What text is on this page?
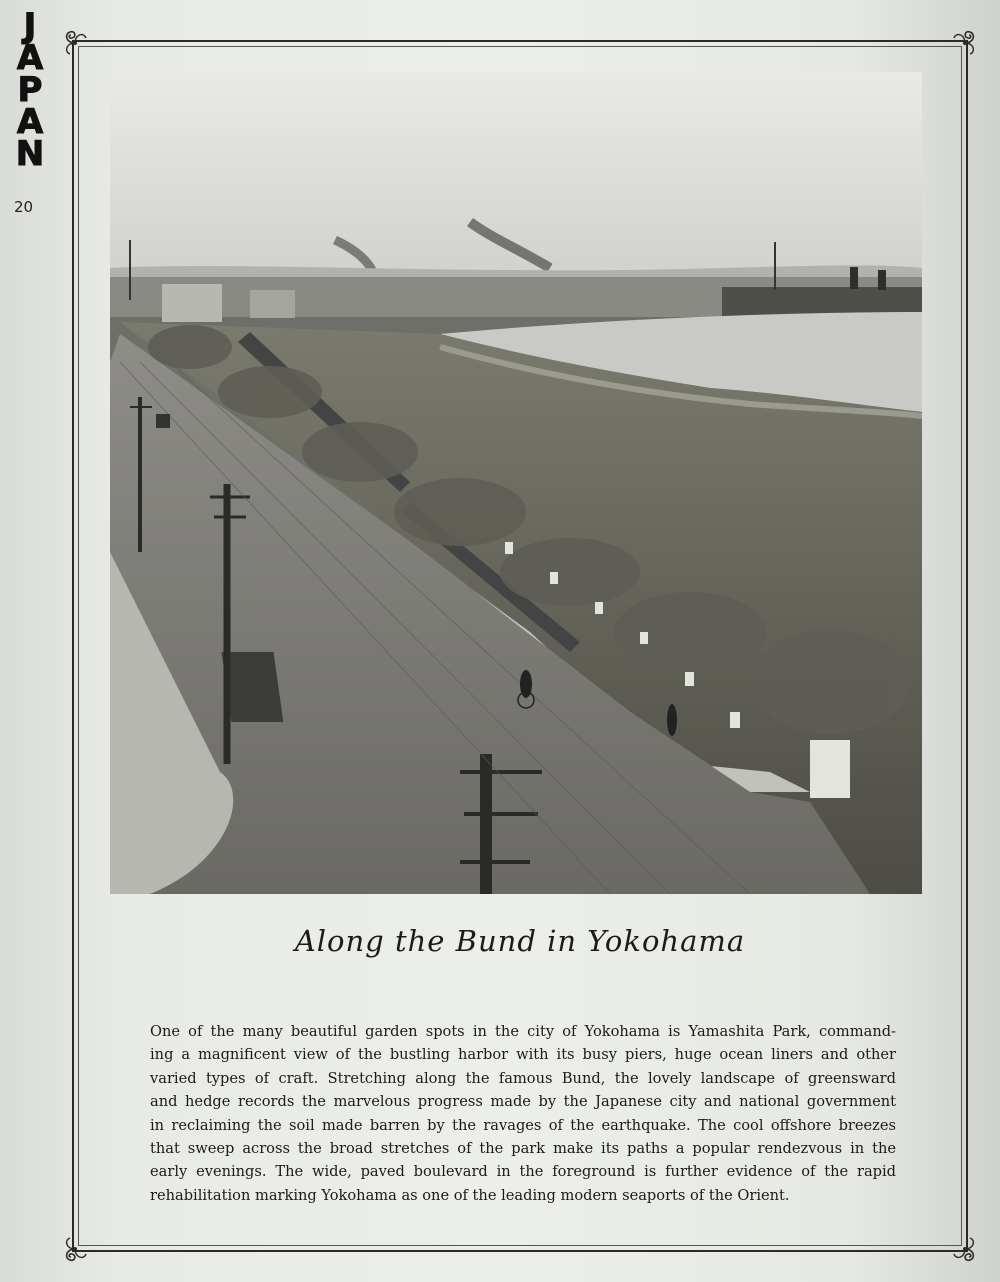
J
A
P
A
N
20
Along the Bund in Yokohama
One of the many beautiful garden spots in the city of Yokohama is Yamashita Park, command-
ing a magnificent view of the bustling harbor with its busy piers, huge ocean liners and other
varied types of craft. Stretching along the famous Bund, the lovely landscape of greensward
and hedge records the marvelous progress made by the Japanese city and national government
in reclaiming the soil made barren by the ravages of the earthquake. The cool offshore breezes
that sweep across the broad stretches of the park make its paths a popular rendezvous in the
early evenings. The wide, paved boulevard in the foreground is further evidence of the rapid
rehabilitation marking Yokohama as one of the leading modern seaports of the Orient.
